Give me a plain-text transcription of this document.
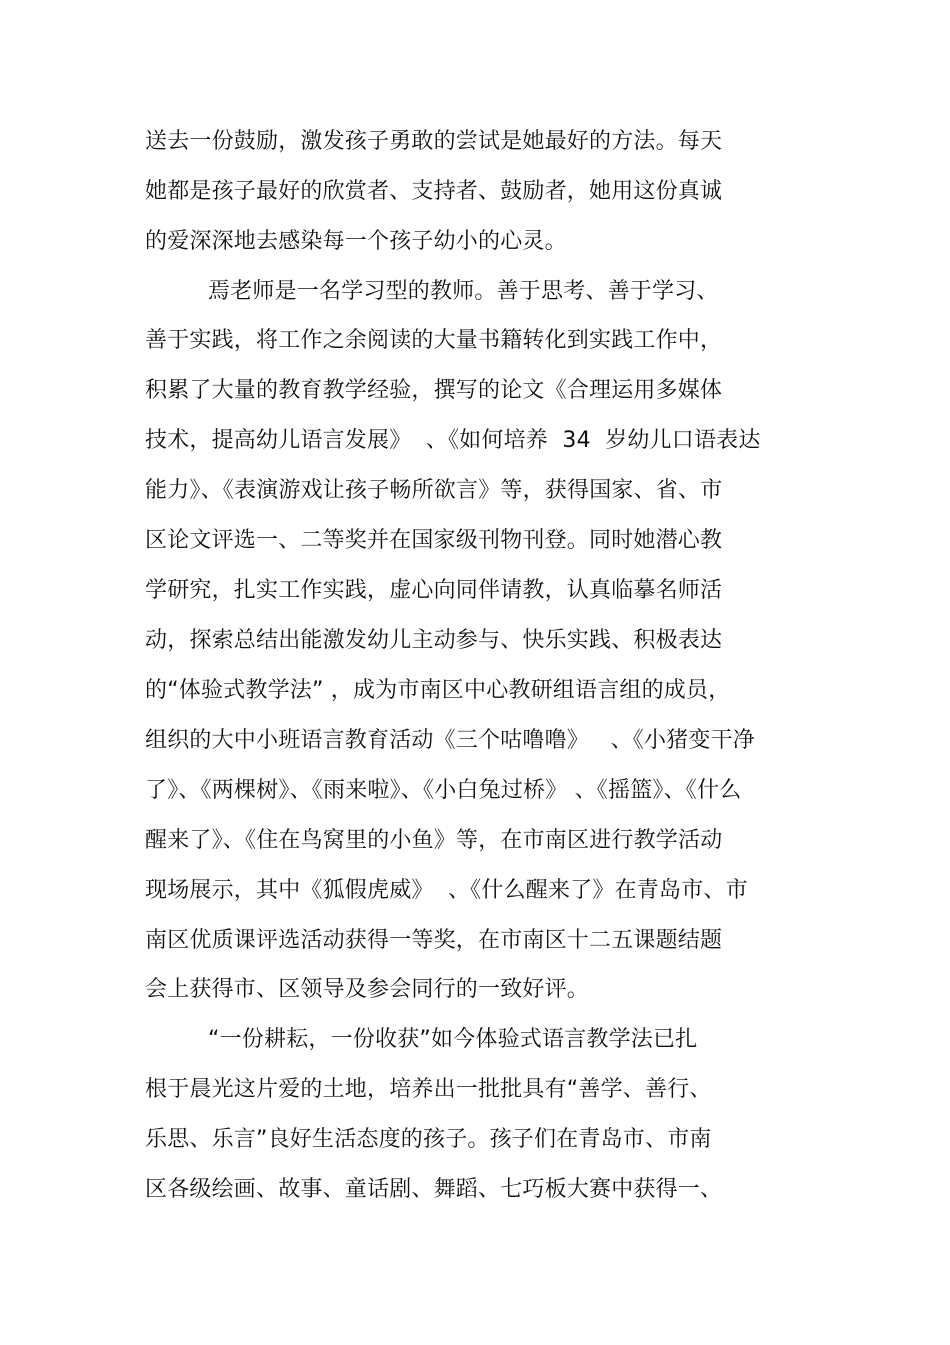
送去一份鼓励，激发孩子勇敢的尝试是她最好的方法。每天
她都是孩子最好的欣赏者、支持者、鼓励者，她用这份真诚
的爱深深地去感染每一个孩子幼小的心灵。
焉老师是一名学习型的教师。善于思考、善于学习、
善于实践，将工作之余阅读的大量书籍转化到实践工作中，
积累了大量的教育教学经验，撰写的论文《合理运用多媒体
技术，提高幼儿语言发展》  、《如何培养  34  岁幼儿口语表达
能力》、《表演游戏让孩子畅所欲言》等，获得国家、省、市
区论文评选一、二等奖并在国家级刊物刊登。同时她潜心教
学研究，扎实工作实践，虚心向同伴请教，认真临摹名师活
动，探索总结出能激发幼儿主动参与、快乐实践、积极表达
的“体验式教学法” ，成为市南区中心教研组语言组的成员，
组织的大中小班语言教育活动《三个咕噜噜》   、《小猪变干净
了》、《两棵树》、《雨来啦》、《小白兔过桥》 、《摇篮》、《什么
醒来了》、《住在鸟窝里的小鱼》等，在市南区进行教学活动
现场展示，其中《狐假虎威》  、《什么醒来了》在青岛市、市
南区优质课评选活动获得一等奖，在市南区十二五课题结题
会上获得市、区领导及参会同行的一致好评。
“一份耕耘，一份收获”如今体验式语言教学法已扎
根于晨光这片爱的土地，培养出一批批具有“善学、善行、
乐思、乐言”良好生活态度的孩子。孩子们在青岛市、市南
区各级绘画、故事、童话剧、舞蹈、七巧板大赛中获得一、
